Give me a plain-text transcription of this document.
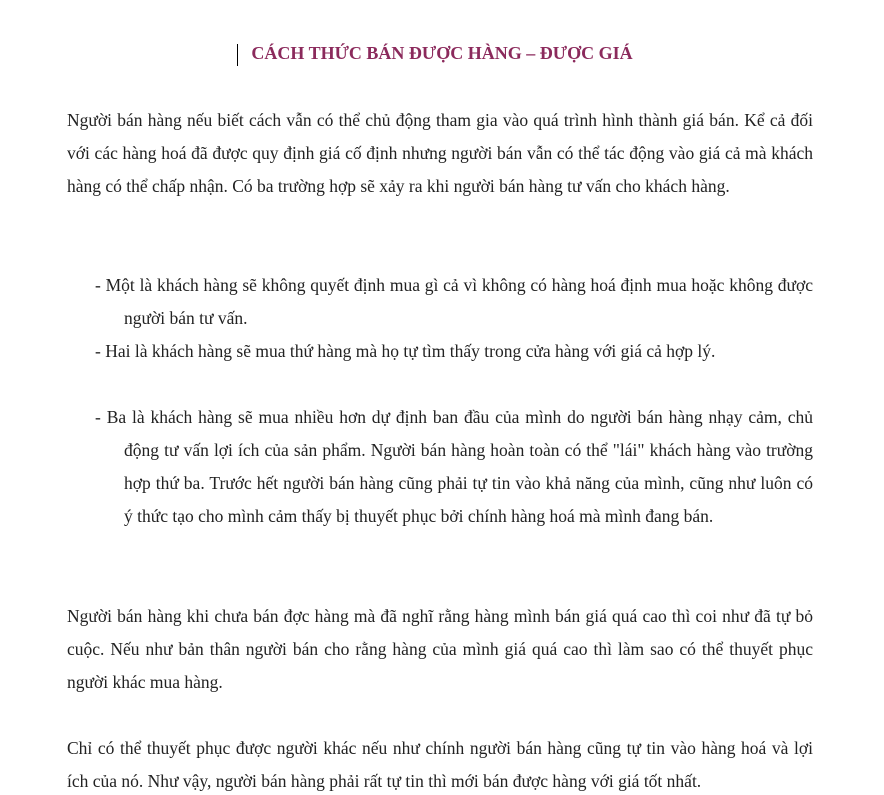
CÁCH THỨC BÁN ĐƯỢC HÀNG – ĐƯỢC GIÁ

Người bán hàng nếu biết cách vẫn có thể chủ động tham gia vào quá trình hình thành giá bán. Kể cả đối với các hàng hoá đã được quy định giá cố định nhưng người bán vẫn có thể tác động vào giá cả mà khách hàng có thể chấp nhận. Có ba trường hợp sẽ xảy ra khi người bán hàng tư vấn cho khách hàng.

- Một là khách hàng sẽ không quyết định mua gì cả vì không có hàng hoá định mua hoặc không được người bán tư vấn.

- Hai là khách hàng sẽ mua thứ hàng mà họ tự tìm thấy trong cửa hàng với giá cả hợp lý.

- Ba là khách hàng sẽ mua nhiều hơn dự định ban đầu của mình do người bán hàng nhạy cảm, chủ động tư vấn lợi ích của sản phẩm. Người bán hàng hoàn toàn có thể "lái" khách hàng vào trường hợp thứ ba. Trước hết người bán hàng cũng phải tự tin vào khả năng của mình, cũng như luôn có ý thức tạo cho mình cảm thấy bị thuyết phục bởi chính hàng hoá mà mình đang bán.

Người bán hàng khi chưa bán đợc hàng mà đã nghĩ rằng hàng mình bán giá quá cao thì coi như đã tự bỏ cuộc. Nếu như bản thân người bán cho rằng hàng của mình giá quá cao thì làm sao có thể thuyết phục người khác mua hàng.

Chỉ có thể thuyết phục được người khác nếu như chính người bán hàng cũng tự tin vào hàng hoá và lợi ích của nó. Như vậy, người bán hàng phải rất tự tin thì mới bán được hàng với giá tốt nhất.
